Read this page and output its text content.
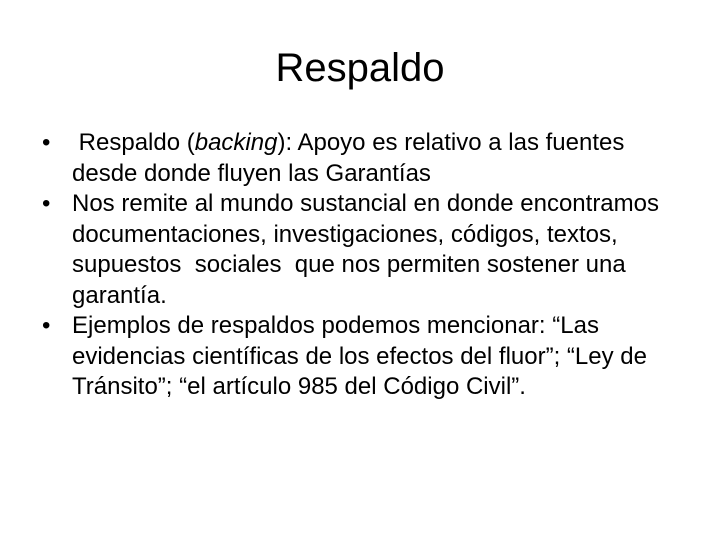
Respaldo
• Respaldo (backing): Apoyo es relativo a las fuentes desde donde fluyen las Garantías
• Nos remite al mundo sustancial en donde encontramos documentaciones, investigaciones, códigos, textos, supuestos  sociales  que nos permiten sostener una garantía.
• Ejemplos de respaldos podemos mencionar: “Las evidencias científicas de los efectos del fluor”; “Ley de Tránsito”; “el artículo 985 del Código Civil”.
